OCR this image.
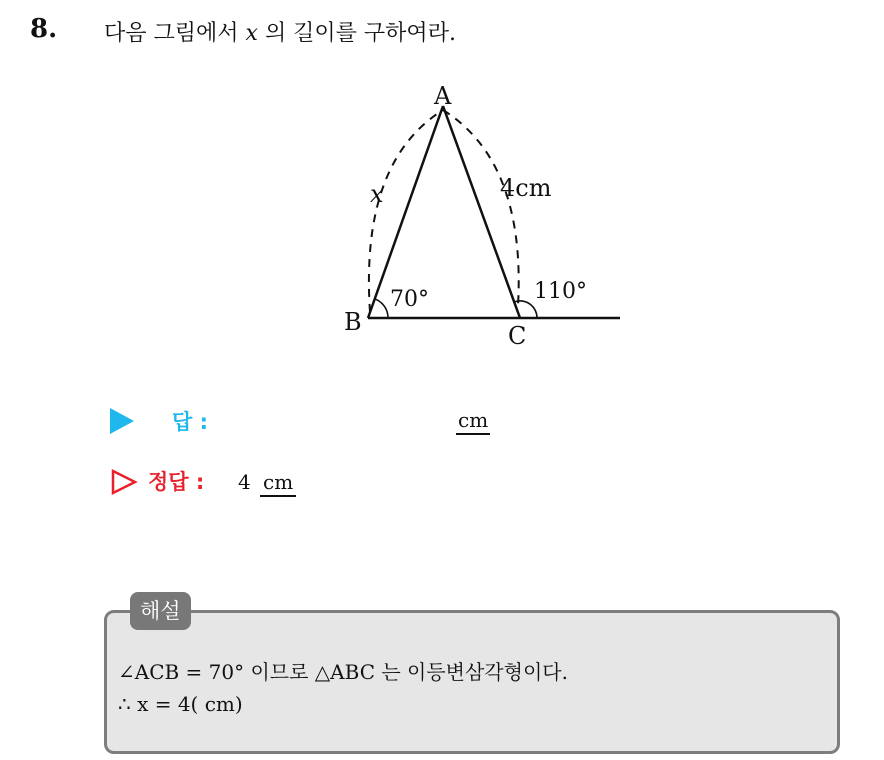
8. 다음 그림에서 x 의 길이를 구하여라.
A
B	C
x	4cm
70°	110°
답 :	cm
정답 : 4 cm
해설
∠ACB = 70° 이므로 △ABC 는 이등변삼각형이다.
∴ x = 4( cm)
